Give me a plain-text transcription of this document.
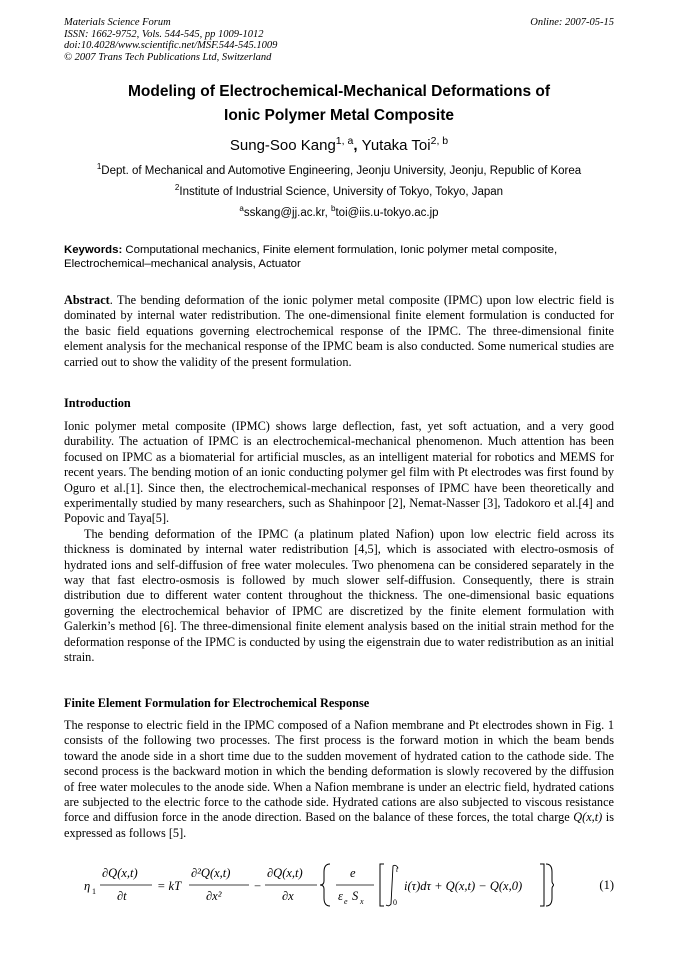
Materials Science Forum
ISSN: 1662-9752, Vols. 544-545, pp 1009-1012
doi:10.4028/www.scientific.net/MSF.544-545.1009
© 2007 Trans Tech Publications Ltd, Switzerland
Online: 2007-05-15
Modeling of Electrochemical-Mechanical Deformations of
Ionic Polymer Metal Composite
Sung-Soo Kang$^{1, a}$, Yutaka Toi$^{2, b}$
$^1$Dept. of Mechanical and Automotive Engineering, Jeonju University, Jeonju, Republic of Korea
$^2$Institute of Industrial Science, University of Tokyo, Tokyo, Japan
$^a$sskang@jj.ac.kr, $^b$toi@iis.u-tokyo.ac.jp
Keywords: Computational mechanics, Finite element formulation, Ionic polymer metal composite, Electrochemical–mechanical analysis, Actuator
Abstract. The bending deformation of the ionic polymer metal composite (IPMC) upon low electric field is dominated by internal water redistribution. The one-dimensional finite element formulation is conducted for the basic field equations governing electrochemical response of the IPMC. The three-dimensional finite element analysis for the mechanical response of the IPMC beam is also conducted. Some numerical studies are carried out to show the validity of the present formulation.
Introduction

Ionic polymer metal composite (IPMC) shows large deflection, fast, yet soft actuation, and a very good durability. The actuation of IPMC is an electrochemical-mechanical phenomenon. Much attention has been focused on IPMC as a biomaterial for artificial muscles, as an intelligent material for robotics and MEMS for recent years. The bending motion of an ionic conducting polymer gel film with Pt electrodes was first found by Oguro et al.[1]. Since then, the electrochemical-mechanical responses of IPMC have been theoretically and experimentally studied by many researchers, such as Shahinpoor [2], Nemat-Nasser [3], Tadokoro et al.[4] and Popovic and Taya[5].

The bending deformation of the IPMC (a platinum plated Nafion) upon low electric field across its thickness is dominated by internal water redistribution [4,5], which is associated with electro-osmosis of hydrated ions and self-diffusion of free water molecules. Two phenomena can be considered separately in the way that fast electro-osmosis is followed by much slower self-diffusion. Consequently, there is strain distribution due to different water content throughout the thickness. The one-dimensional basic equations governing the electrochemical behavior of IPMC are discretized by the finite element formulation with Galerkin’s method [6]. The three-dimensional finite element analysis based on the initial strain method for the deformation response of the IPMC is conducted by using the eigenstrain due to water redistribution as an initial strain.

Finite Element Formulation for Electrochemical Response
The response to electric field in the IPMC composed of a Nafion membrane and Pt electrodes shown in Fig. 1 consists of the following two processes. The first process is the forward motion in which the beam bends toward the anode side in a short time due to the sudden movement of hydrated cation to the cathode side. The second process is the backward motion in which the bending deformation is slowly recovered by the diffusion of free water molecules to the anode side. When a Nafion membrane is under an electric field, hydrated cations are subjected to the electric force to the cathode side. Hydrated cations are also subjected to viscous resistance force and diffusion force in the anode direction. Based on the balance of these forces, the total charge Q(x,t) is expressed as follows [5].
η 1
∂Q(x,t)
∂t
= kT
∂²Q(x,t)
∂x²
−
∂Q(x,t)
∂x
e
ε e S x
t
0
i(τ)dτ + Q(x,t) − Q(x,0)	(1)
